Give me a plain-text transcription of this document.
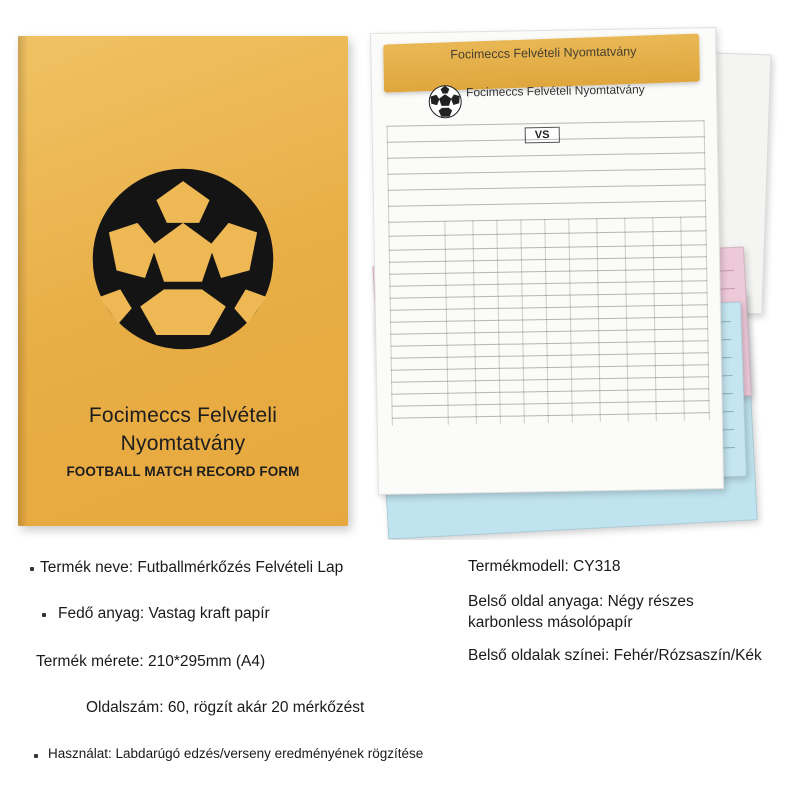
Focimeccs Felvételi Nyomtatvány
FOOTBALL MATCH RECORD FORM
Focimeccs Felvételi Nyomtatvány
Focimeccs Felvételi Nyomtatvány
VS
Termék neve: Futballmérkőzés Felvételi Lap	Termékmodell: CY318
Fedő anyag: Vastag kraft papír
Belső oldal anyaga: Négy részes karbonless másolópapír
Termék mérete: 210*295mm (A4)	Belső oldalak színei: Fehér/Rózsaszín/Kék
Oldalszám: 60, rögzít akár 20 mérkőzést
Használat: Labdarúgó edzés/verseny eredményének rögzítése
